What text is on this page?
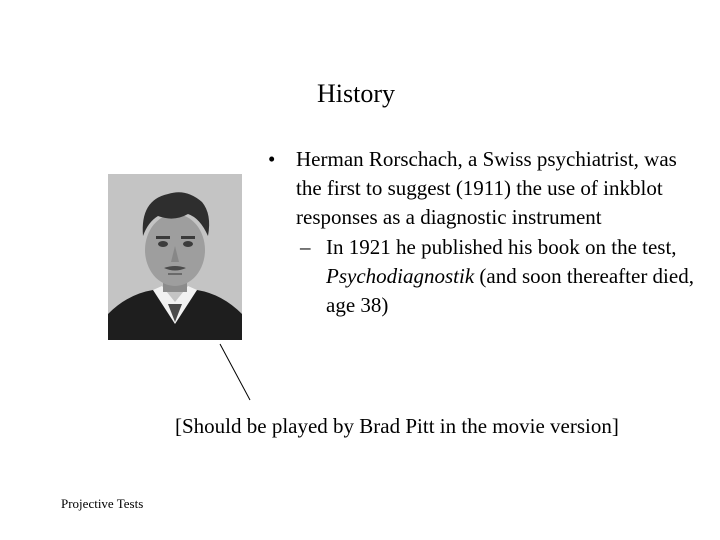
History
• Herman Rorschach, a Swiss psychiatrist, was the first to suggest (1911) the use of inkblot responses as a diagnostic instrument
– In 1921 he published his book on the test, Psychodiagnostik (and soon thereafter died, age 38)
[Should be played by Brad Pitt in the movie version]
Projective Tests
